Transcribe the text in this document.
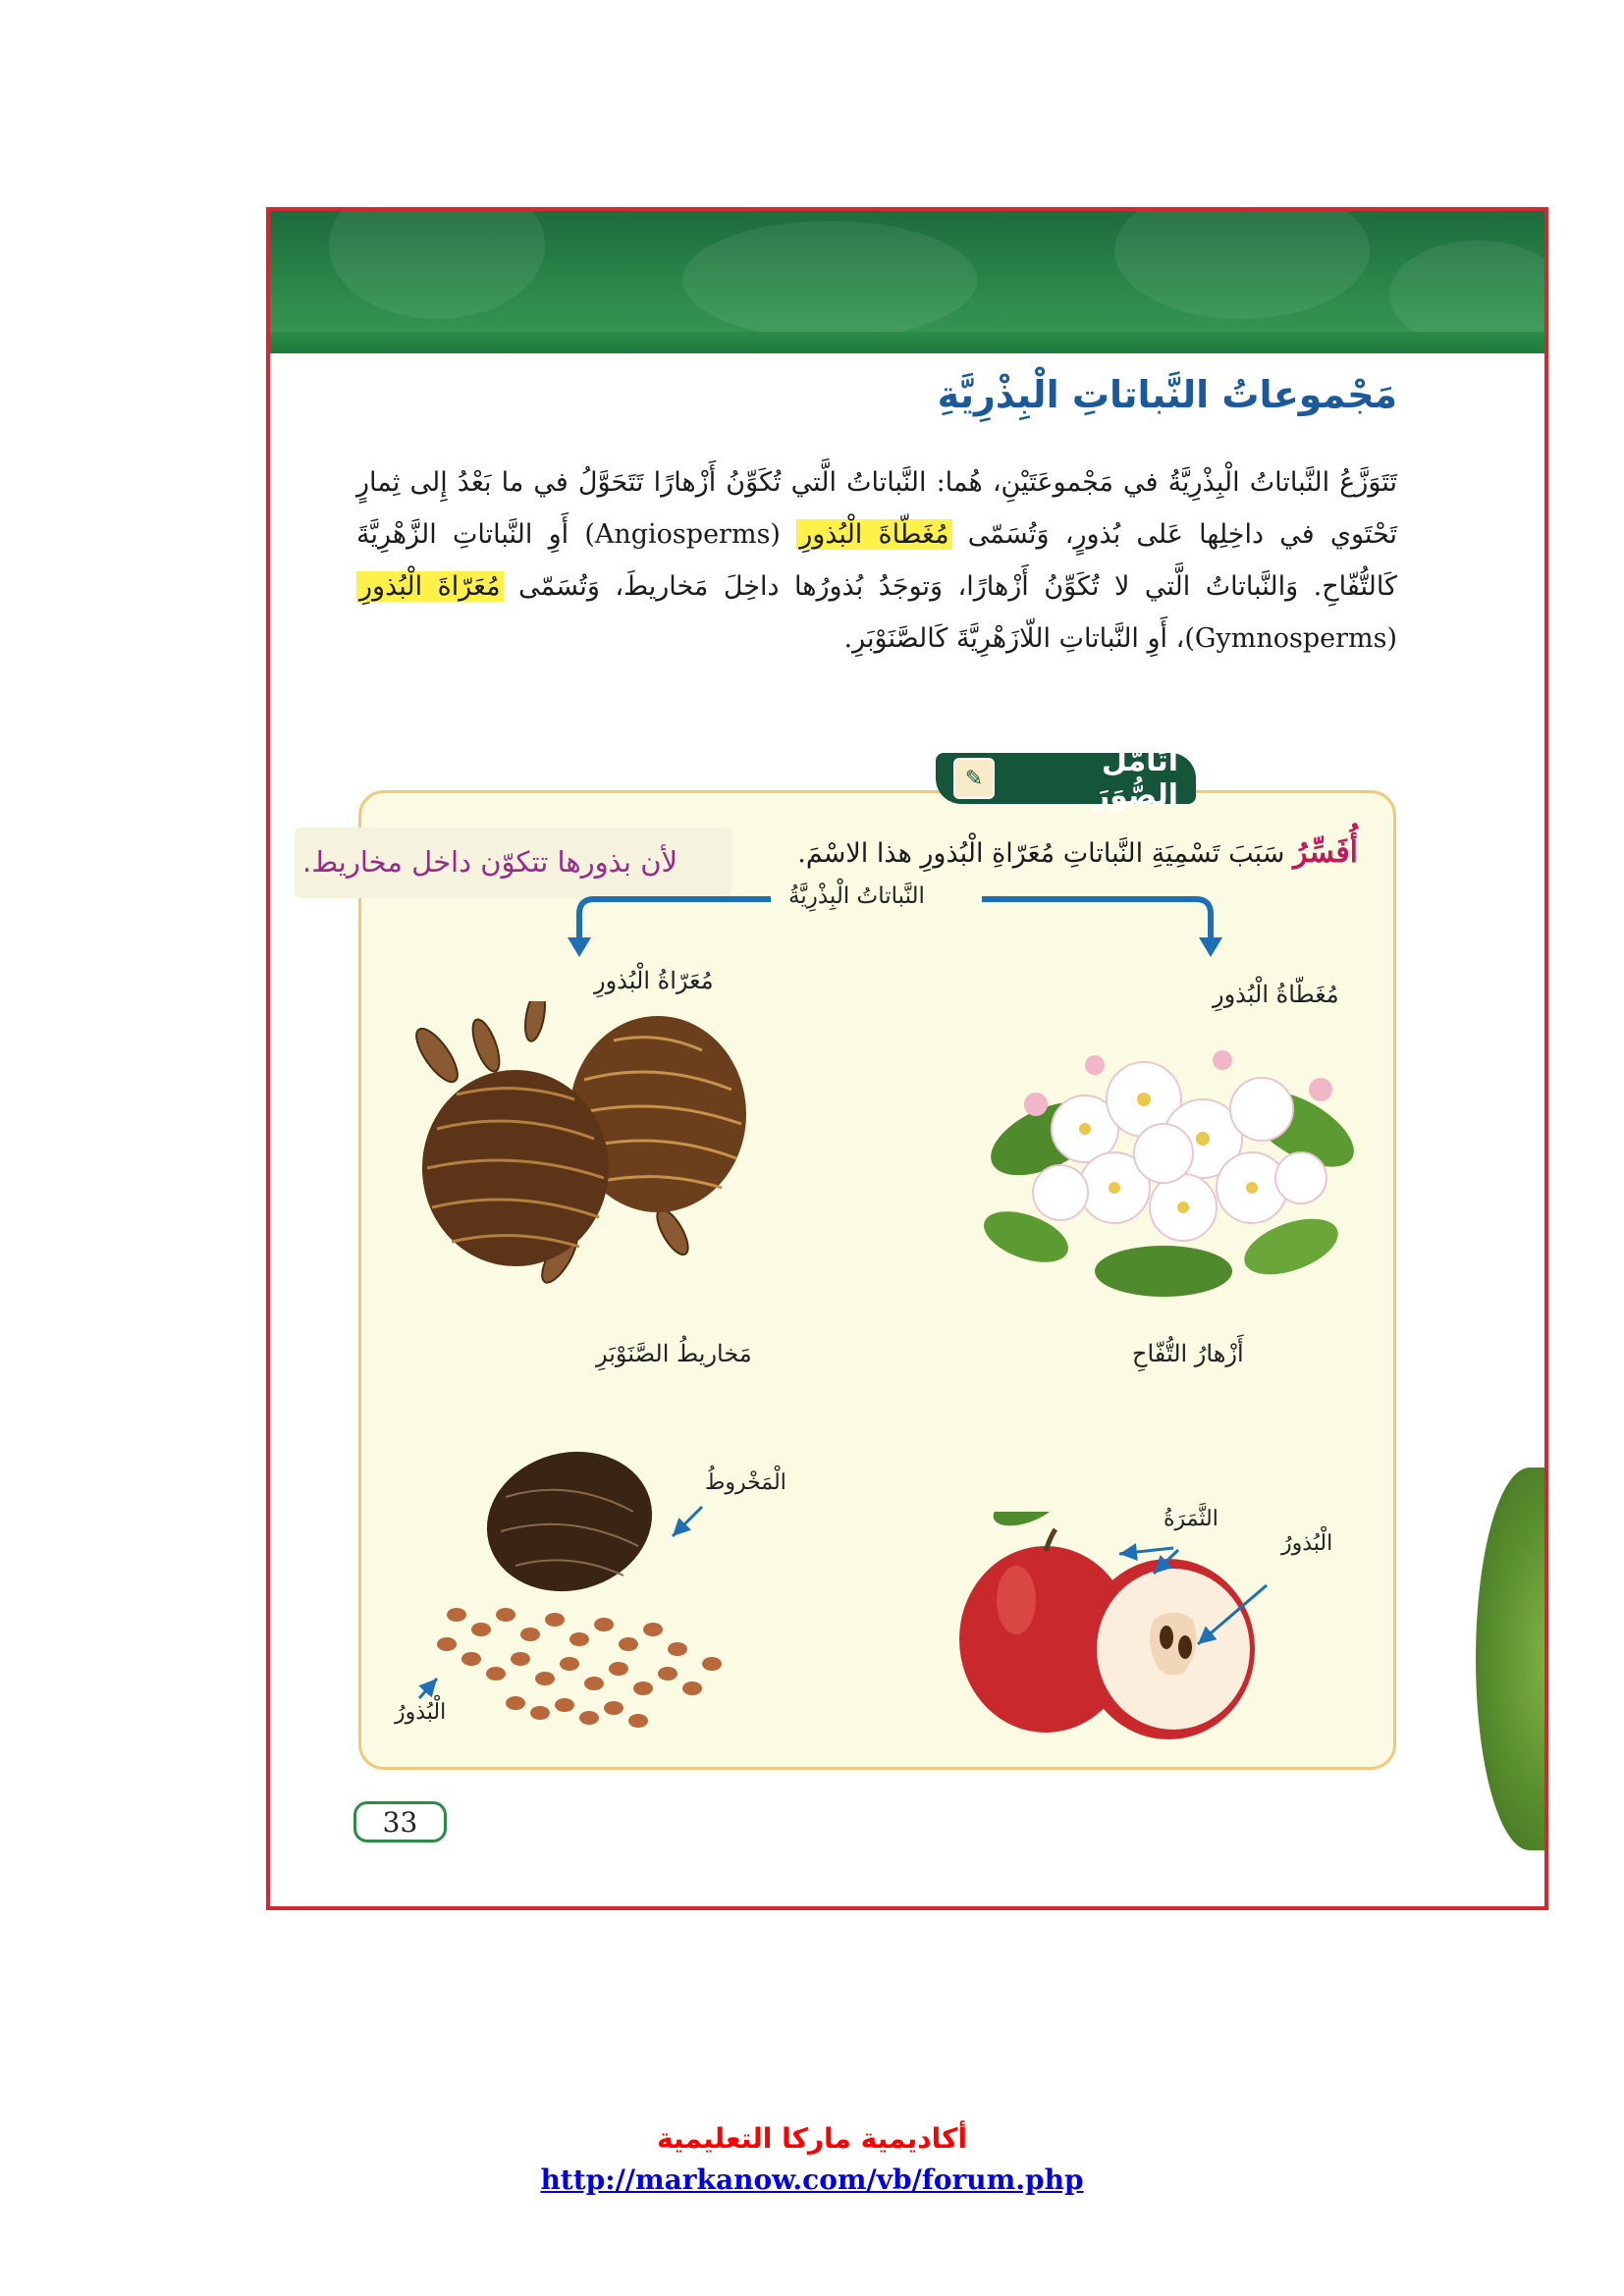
مَجْموعاتُ النَّباتاتِ الْبِذْرِيَّةِ

تَتَوَزَّعُ النَّباتاتُ الْبِذْرِيَّةُ في مَجْموعَتَيْنِ، هُما: النَّباتاتُ الَّتي تُكَوِّنُ أَزْهارًا تَتَحَوَّلُ في ما بَعْدُ إِلى ثِمارٍ تَحْتَوي في داخِلِها عَلى بُذورٍ، وَتُسَمّى مُغَطّاةَ الْبُذورِ (Angiosperms) أَوِ النَّباتاتِ الزَّهْرِيَّةَ كَالتُّفّاحِ. وَالنَّباتاتُ الَّتي لا تُكَوِّنُ أَزْهارًا، وَتوجَدُ بُذورُها داخِلَ مَخاريطَ، وَتُسَمّى مُعَرّاةَ الْبُذورِ (Gymnosperms)، أَوِ النَّباتاتِ اللّازَهْرِيَّةَ كَالصَّنَوْبَرِ.

أَتَأَمَّلُ الصُّوَرَ
✎
أُفَسِّرُ سَبَبَ تَسْمِيَةِ النَّباتاتِ مُعَرّاةِ الْبُذورِ هذا الاسْمَ.
لأن بذورها تتكوّن داخل مخاريط.
النَّباتاتُ الْبِذْرِيَّةُ
مُغَطّاةُ الْبُذورِ
مُعَرّاةُ الْبُذورِ
أَزْهارُ التُّفّاحِ
مَخاريطُ الصَّنَوْبَرِ
الثَّمَرَةُ
الْبُذورُ
الْمَخْروطُ
الْبُذورُ
33
أكاديمية ماركا التعليمية
http://markanow.com/vb/forum.php
